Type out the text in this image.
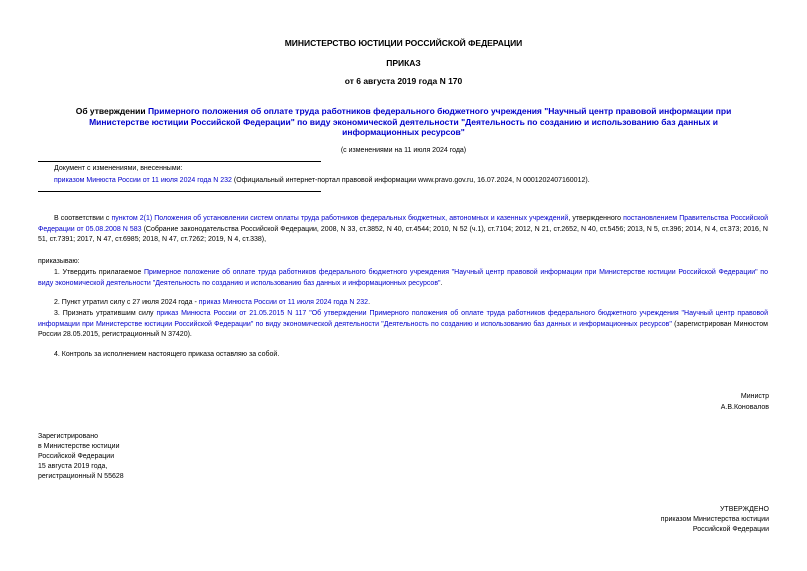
МИНИСТЕРСТВО ЮСТИЦИИ РОССИЙСКОЙ ФЕДЕРАЦИИ
ПРИКАЗ
от 6 августа 2019 года N 170
Об утверждении Примерного положения об оплате труда работников федерального бюджетного учреждения "Научный центр правовой информации при
Министерстве юстиции Российской Федерации" по виду экономической деятельности "Деятельность по созданию и использованию баз данных и
информационных ресурсов"
(с изменениями на 11 июля 2024 года)
Документ с изменениями, внесенными:
приказом Минюста России от 11 июля 2024 года N 232 (Официальный интернет-портал правовой информации www.pravo.gov.ru, 16.07.2024, N 0001202407160012).
В соответствии с пунктом 2(1) Положения об установлении систем оплаты труда работников федеральных бюджетных, автономных и казенных учреждений, утвержденного постановлением Правительства Российской Федерации от 05.08.2008 N 583 (Собрание законодательства Российской Федерации, 2008, N 33, ст.3852, N 40, ст.4544; 2010, N 52 (ч.1), ст.7104; 2012, N 21, ст.2652, N 40, ст.5456; 2013, N 5, ст.396; 2014, N 4, ст.373; 2016, N 51, ст.7391; 2017, N 47, ст.6985; 2018, N 47, ст.7262; 2019, N 4, ст.338),
приказываю:
1. Утвердить прилагаемое Примерное положение об оплате труда работников федерального бюджетного учреждения "Научный центр правовой информации при Министерстве юстиции Российской Федерации" по виду экономической деятельности "Деятельность по созданию и использованию баз данных и информационных ресурсов".
2. Пункт утратил силу с 27 июля 2024 года - приказ Минюста России от 11 июля 2024 года N 232.
3. Признать утратившим силу приказ Минюста России от 21.05.2015 N 117 "Об утверждении Примерного положения об оплате труда работников федерального бюджетного учреждения "Научный центр правовой информации при Министерстве юстиции Российской Федерации" по виду экономической деятельности "Деятельность по созданию и использованию баз данных и информационных ресурсов" (зарегистрирован Минюстом России 28.05.2015, регистрационный N 37420).
4. Контроль за исполнением настоящего приказа оставляю за собой.
Министр
А.В.Коновалов
Зарегистрировано
в Министерстве юстиции
Российской Федерации
15 августа 2019 года,
регистрационный N 55628
УТВЕРЖДЕНО
приказом Министерства юстиции
Российской Федерации
